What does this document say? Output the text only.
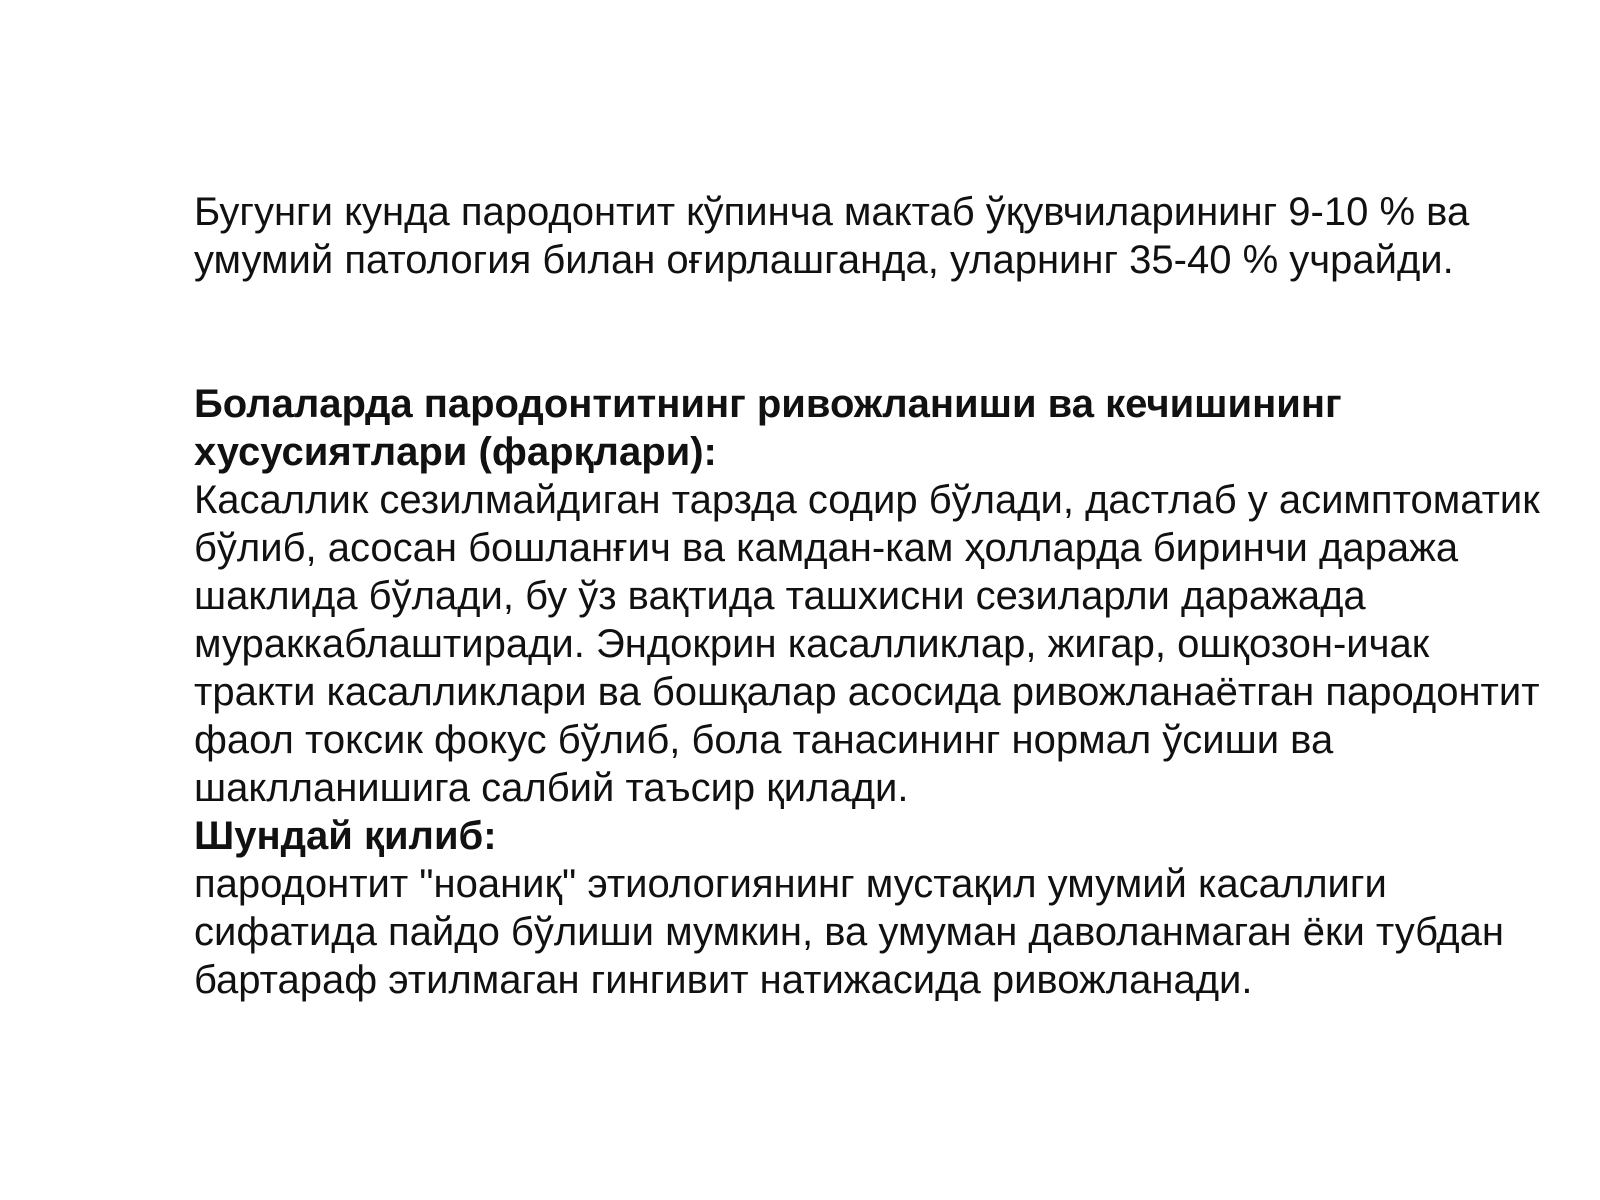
Бугунги кунда пародонтит кўпинча мактаб ўқувчиларининг 9-10 % ва умумий патология билан оғирлашганда, уларнинг 35-40 % учрайди.

Болаларда пародонтитнинг ривожланиши ва кечишининг хусусиятлари (фарқлари):

Касаллик сезилмайдиган тарзда содир бўлади, дастлаб у асимптоматик бўлиб, асосан бошланғич ва камдан-кам ҳолларда биринчи даража шаклида бўлади, бу ўз вақтида ташхисни сезиларли даражада мураккаблаштиради. Эндокрин касалликлар, жигар, ошқозон-ичак тракти касалликлари ва бошқалар асосида ривожланаётган пародонтит фаол токсик фокус бўлиб, бола танасининг нормал ўсиши ва шаклланишига салбий таъсир қилади.

Шундай қилиб:

пародонтит "ноаниқ" этиологиянинг мустақил умумий касаллиги сифатида пайдо бўлиши мумкин, ва умуман даволанмаган ёки тубдан бартараф этилмаган гингивит натижасида ривожланади.
